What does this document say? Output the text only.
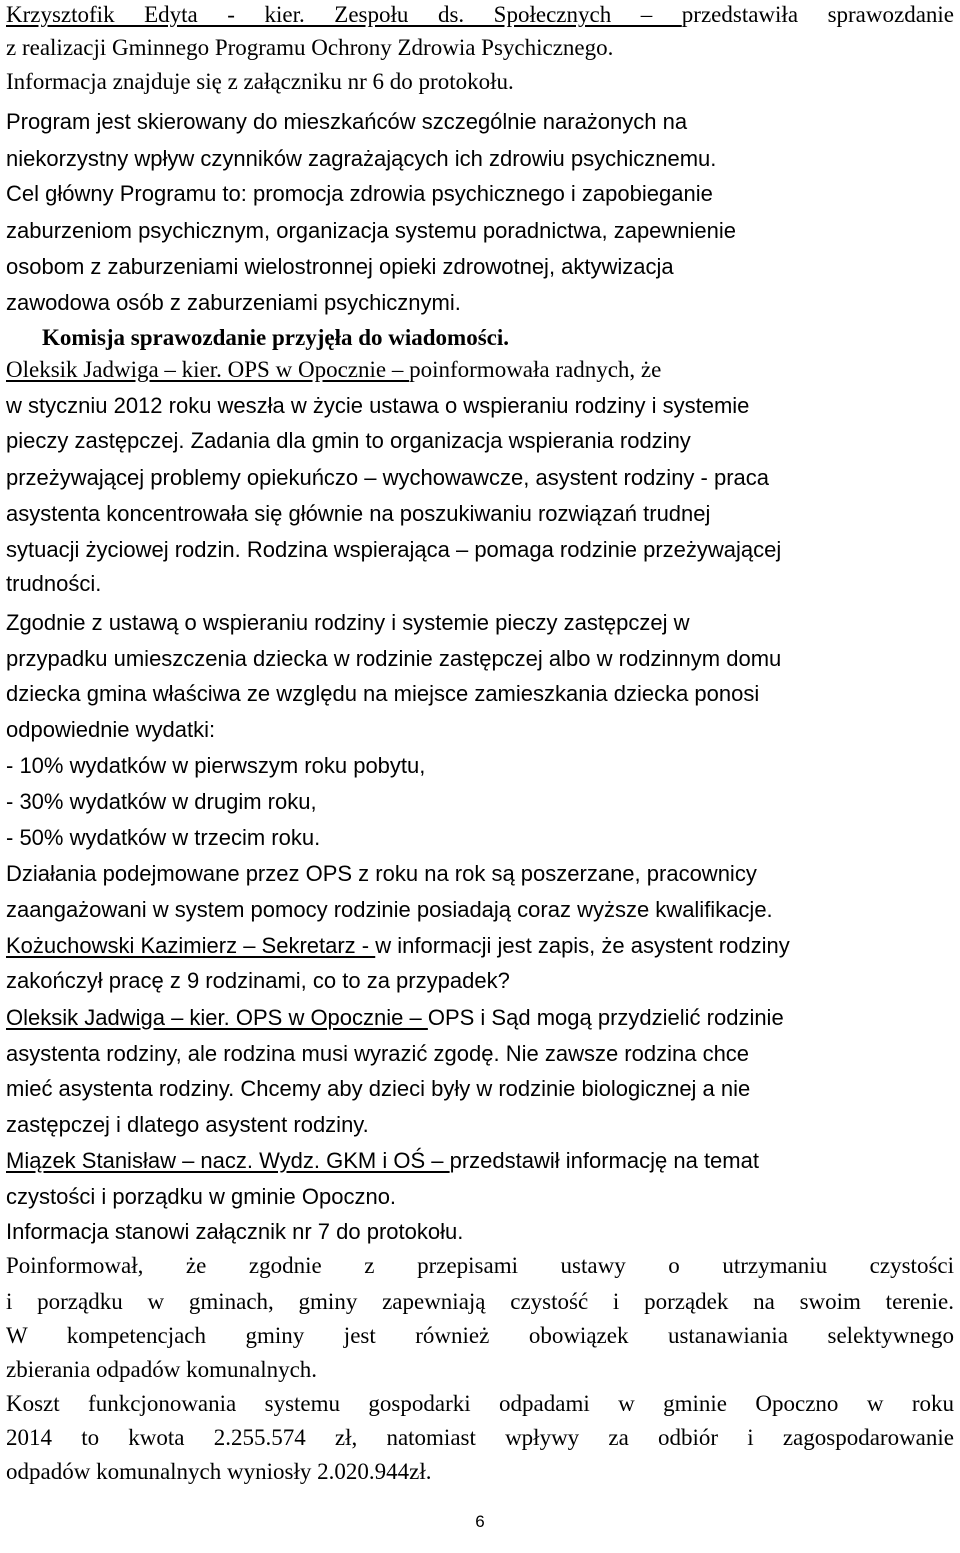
Krzysztofik Edyta - kier. Zespołu ds. Społecznych – przedstawiła sprawozdanie
z realizacji Gminnego Programu Ochrony Zdrowia Psychicznego.
Informacja znajduje się z załączniku nr 6 do protokołu.
Program jest skierowany do mieszkańców szczególnie narażonych na
niekorzystny wpływ czynników zagrażających ich zdrowiu psychicznemu.
Cel główny Programu to: promocja zdrowia psychicznego i zapobieganie
zaburzeniom psychicznym, organizacja systemu poradnictwa, zapewnienie
osobom z zaburzeniami wielostronnej opieki zdrowotnej, aktywizacja
zawodowa osób z zaburzeniami psychicznymi.
Komisja sprawozdanie przyjęła do wiadomości.
Oleksik Jadwiga – kier. OPS w Opocznie – poinformowała radnych, że
w styczniu 2012 roku weszła w życie ustawa o wspieraniu rodziny i systemie
pieczy zastępczej. Zadania dla gmin to organizacja wspierania rodziny
przeżywającej problemy opiekuńczo – wychowawcze, asystent rodziny - praca
asystenta koncentrowała się głównie na poszukiwaniu rozwiązań trudnej
sytuacji życiowej rodzin. Rodzina wspierająca – pomaga rodzinie przeżywającej
trudności.
Zgodnie z ustawą o wspieraniu rodziny i systemie pieczy zastępczej w
przypadku umieszczenia dziecka w rodzinie zastępczej albo w rodzinnym domu
dziecka gmina właściwa ze względu na miejsce zamieszkania dziecka ponosi
odpowiednie wydatki:
- 10% wydatków w pierwszym roku pobytu,
- 30% wydatków w drugim roku,
- 50% wydatków w trzecim roku.
Działania podejmowane przez OPS z roku na rok są poszerzane, pracownicy
zaangażowani w system pomocy rodzinie posiadają coraz wyższe kwalifikacje.
Kożuchowski Kazimierz – Sekretarz - w informacji jest zapis, że asystent rodziny
zakończył pracę z 9 rodzinami, co to za przypadek?
Oleksik Jadwiga – kier. OPS w Opocznie – OPS i Sąd mogą przydzielić rodzinie
asystenta rodziny, ale rodzina musi wyrazić zgodę. Nie zawsze rodzina chce
mieć asystenta rodziny. Chcemy aby dzieci były w rodzinie biologicznej a nie
zastępczej i dlatego asystent rodziny.
Miązek Stanisław – nacz. Wydz. GKM i OŚ – przedstawił informację na temat
czystości i porządku w gminie Opoczno.
Informacja stanowi załącznik nr 7 do protokołu.
Poinformował, że zgodnie z przepisami ustawy o utrzymaniu czystości
i porządku w gminach, gminy zapewniają czystość i porządek na swoim terenie.
W kompetencjach gminy jest również obowiązek ustanawiania selektywnego
zbierania odpadów komunalnych.
Koszt funkcjonowania systemu gospodarki odpadami w gminie Opoczno w roku
2014 to kwota 2.255.574 zł, natomiast wpływy za odbiór i zagospodarowanie
odpadów komunalnych wyniosły 2.020.944zł.
6
